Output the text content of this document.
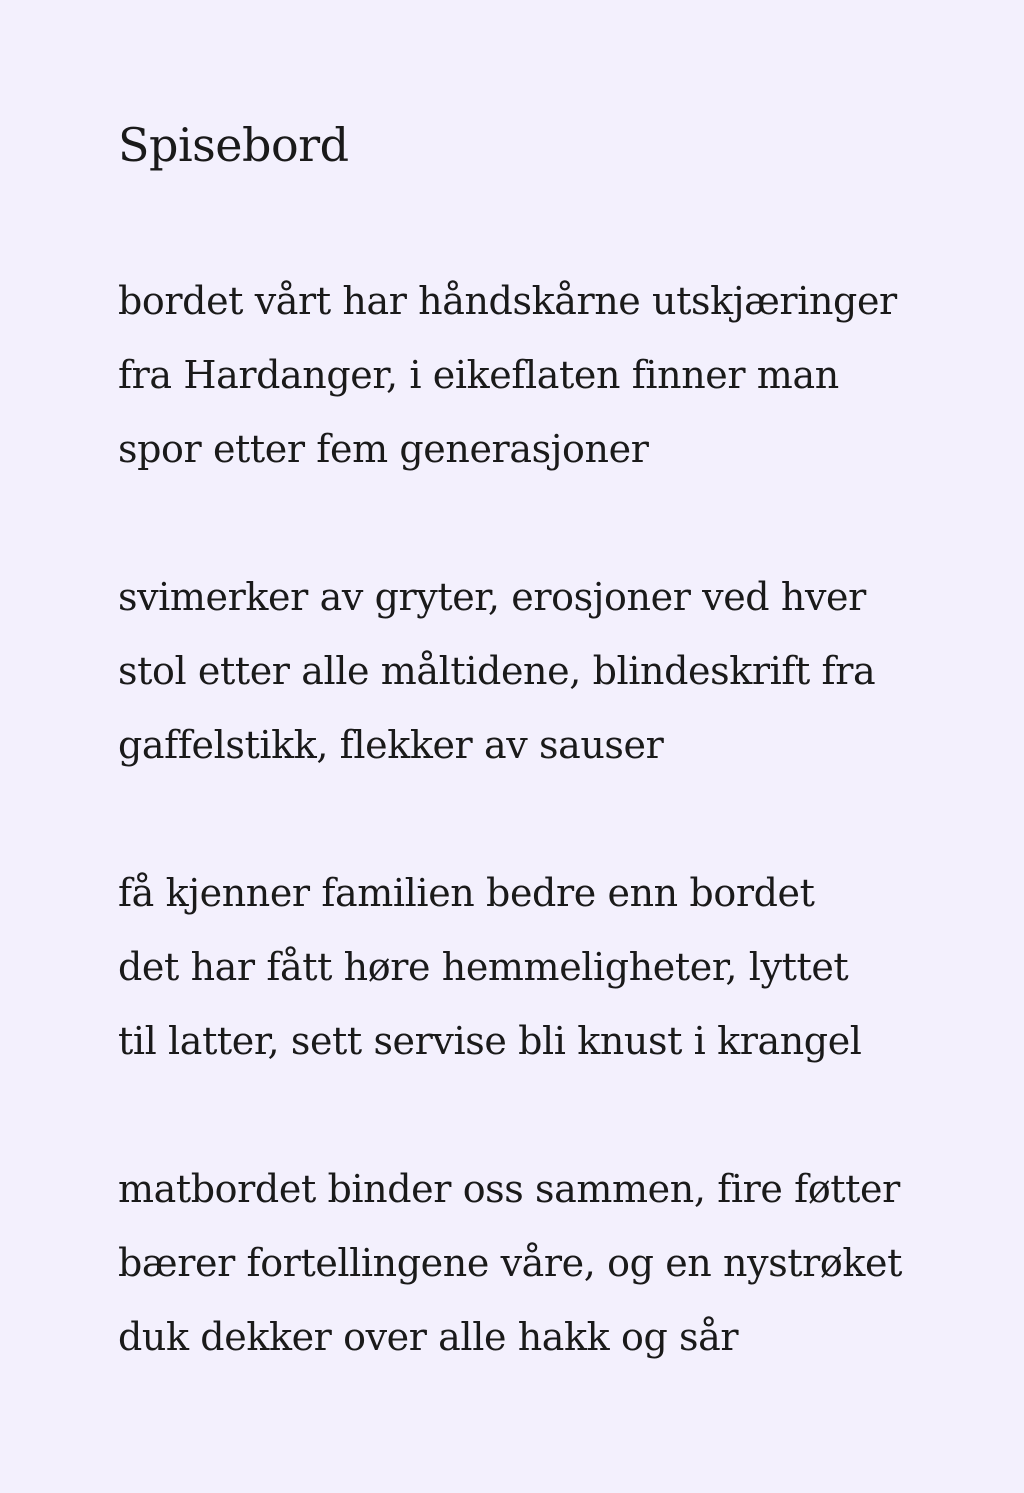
Spisebord
bordet vårt har håndskårne utskjæringer
fra Hardanger, i eikeflaten finner man
spor etter fem generasjoner
svimerker av gryter, erosjoner ved hver
stol etter alle måltidene, blindeskrift fra
gaffelstikk, flekker av sauser
få kjenner familien bedre enn bordet
det har fått høre hemmeligheter, lyttet
til latter, sett servise bli knust i krangel
matbordet binder oss sammen, fire føtter
bærer fortellingene våre, og en nystrøket
duk dekker over alle hakk og sår
